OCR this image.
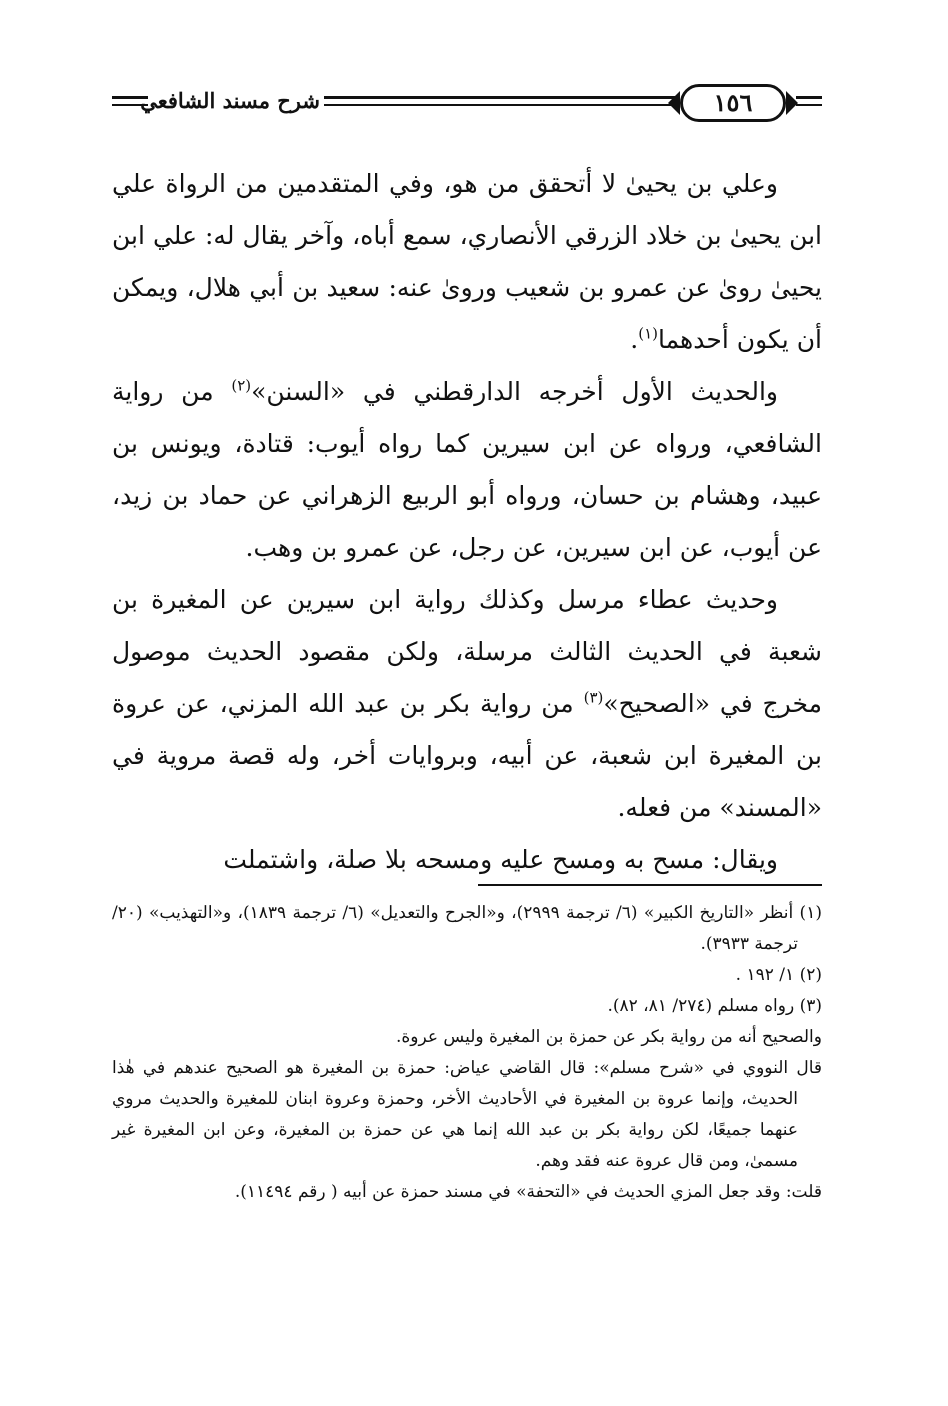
شرح مسند الشافعي	١٥٦

وعلي بن يحيىٰ لا أتحقق من هو، وفي المتقدمين من الرواة علي ابن يحيىٰ بن خلاد الزرقي الأنصاري، سمع أباه، وآخر يقال له: علي ابن يحيىٰ روىٰ عن عمرو بن شعيب وروىٰ عنه: سعيد بن أبي هلال، ويمكن أن يكون أحدهما$^{(١)}$.

والحديث الأول أخرجه الدارقطني في «السنن»$^{(٢)}$ من رواية الشافعي، ورواه عن ابن سيرين كما رواه أيوب: قتادة، ويونس بن عبيد، وهشام بن حسان، ورواه أبو الربيع الزهراني عن حماد بن زيد، عن أيوب، عن ابن سيرين، عن رجل، عن عمرو بن وهب.

وحديث عطاء مرسل وكذلك رواية ابن سيرين عن المغيرة بن شعبة في الحديث الثالث مرسلة، ولكن مقصود الحديث موصول مخرج في «الصحيح»$^{(٣)}$ من رواية بكر بن عبد الله المزني، عن عروة بن المغيرة ابن شعبة، عن أبيه، وبروايات أخر، وله قصة مروية في «المسند» من فعله.

ويقال: مسح به ومسح عليه ومسحه بلا صلة، واشتملت

(١) أنظر «التاريخ الكبير» (٦/ ترجمة ٢٩٩٩)، و«الجرح والتعديل» (٦/ ترجمة ١٨٣٩)، و«التهذيب» (٢٠/ ترجمة ٣٩٣٣).

(٢) ١/ ١٩٢ .

(٣) رواه مسلم (٢٧٤/ ٨١، ٨٢).

والصحيح أنه من رواية بكر عن حمزة بن المغيرة وليس عروة.

قال النووي في «شرح مسلم»: قال القاضي عياض: حمزة بن المغيرة هو الصحيح عندهم في هٰذا الحديث، وإنما عروة بن المغيرة في الأحاديث الأخر، وحمزة وعروة ابنان للمغيرة والحديث مروي عنهما جميعًا، لكن رواية بكر بن عبد الله إنما هي عن حمزة بن المغيرة، وعن ابن المغيرة غير مسمىٰ، ومن قال عروة عنه فقد وهم.

قلت: وقد جعل المزي الحديث في «التحفة» في مسند حمزة عن أبيه ( رقم ١١٤٩٤).
